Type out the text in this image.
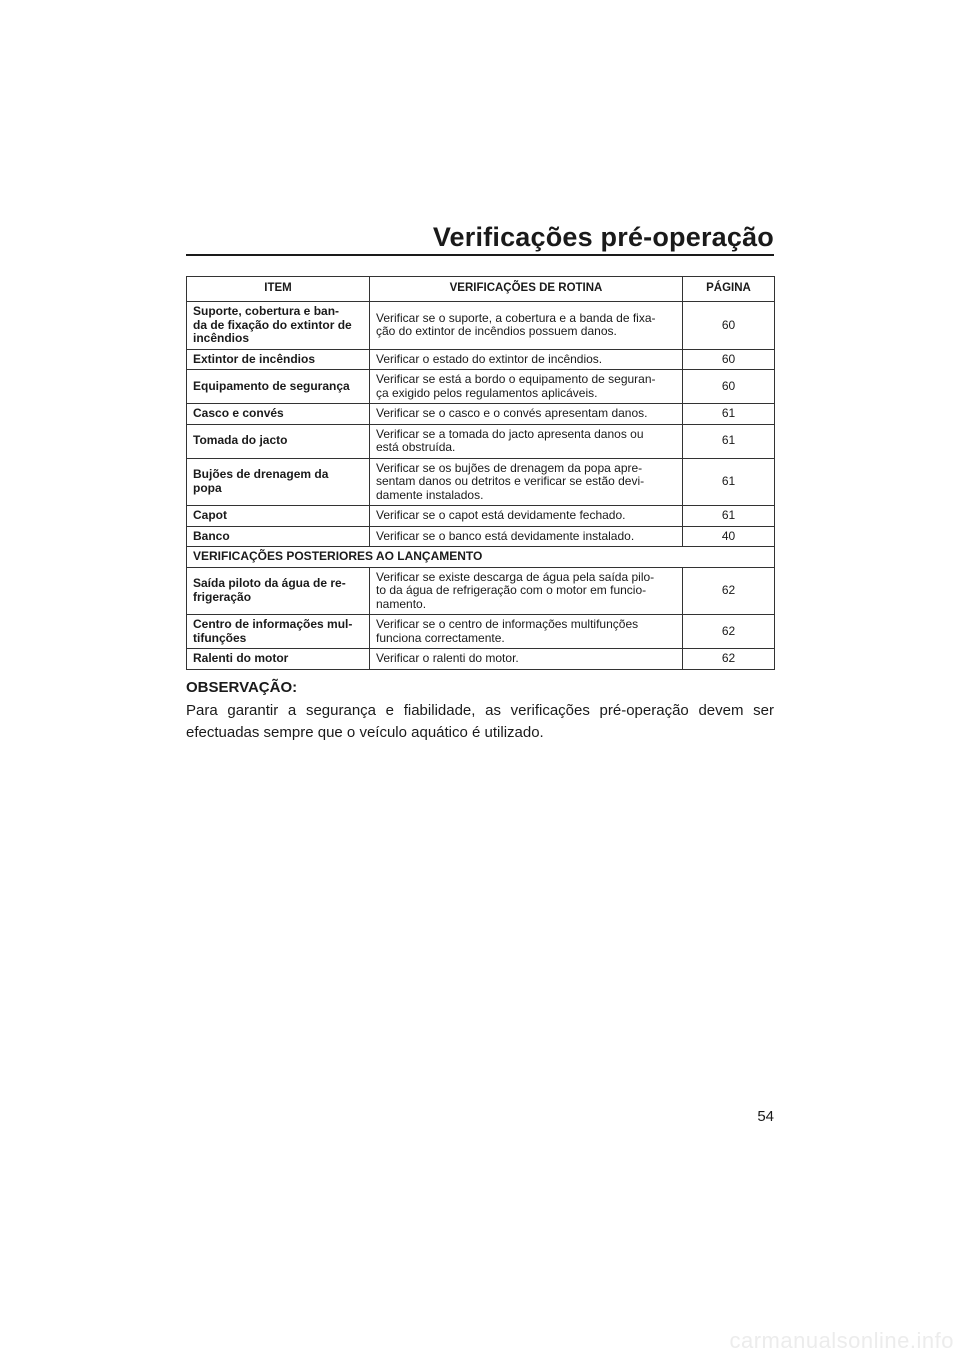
Verificações pré-operação
ITEM	VERIFICAÇÕES DE ROTINA	PÁGINA
Suporte, cobertura e ban-
da de fixação do extintor de
incêndios	Verificar se o suporte, a cobertura e a banda de fixa-
ção do extintor de incêndios possuem danos.	60
Extintor de incêndios	Verificar o estado do extintor de incêndios.	60
Equipamento de segurança	Verificar se está a bordo o equipamento de seguran-
ça exigido pelos regulamentos aplicáveis.	60
Casco e convés	Verificar se o casco e o convés apresentam danos.	61
Tomada do jacto	Verificar se a tomada do jacto apresenta danos ou
está obstruída.	61
Bujões de drenagem da
popa	Verificar se os bujões de drenagem da popa apre-
sentam danos ou detritos e verificar se estão devi-
damente instalados.	61
Capot	Verificar se o capot está devidamente fechado.	61
Banco	Verificar se o banco está devidamente instalado.	40
VERIFICAÇÕES POSTERIORES AO LANÇAMENTO		
Saída piloto da água de re-
frigeração	Verificar se existe descarga de água pela saída pilo-
to da água de refrigeração com o motor em funcio-
namento.	62
Centro de informações mul-
tifunções	Verificar se o centro de informações multifunções
funciona correctamente.	62
Ralenti do motor	Verificar o ralenti do motor.	62
OBSERVAÇÃO:

Para garantir a segurança e fiabilidade, as verificações pré-operação devem ser efectuadas sempre que o veículo aquático é utilizado.

54
carmanualsonline.info
